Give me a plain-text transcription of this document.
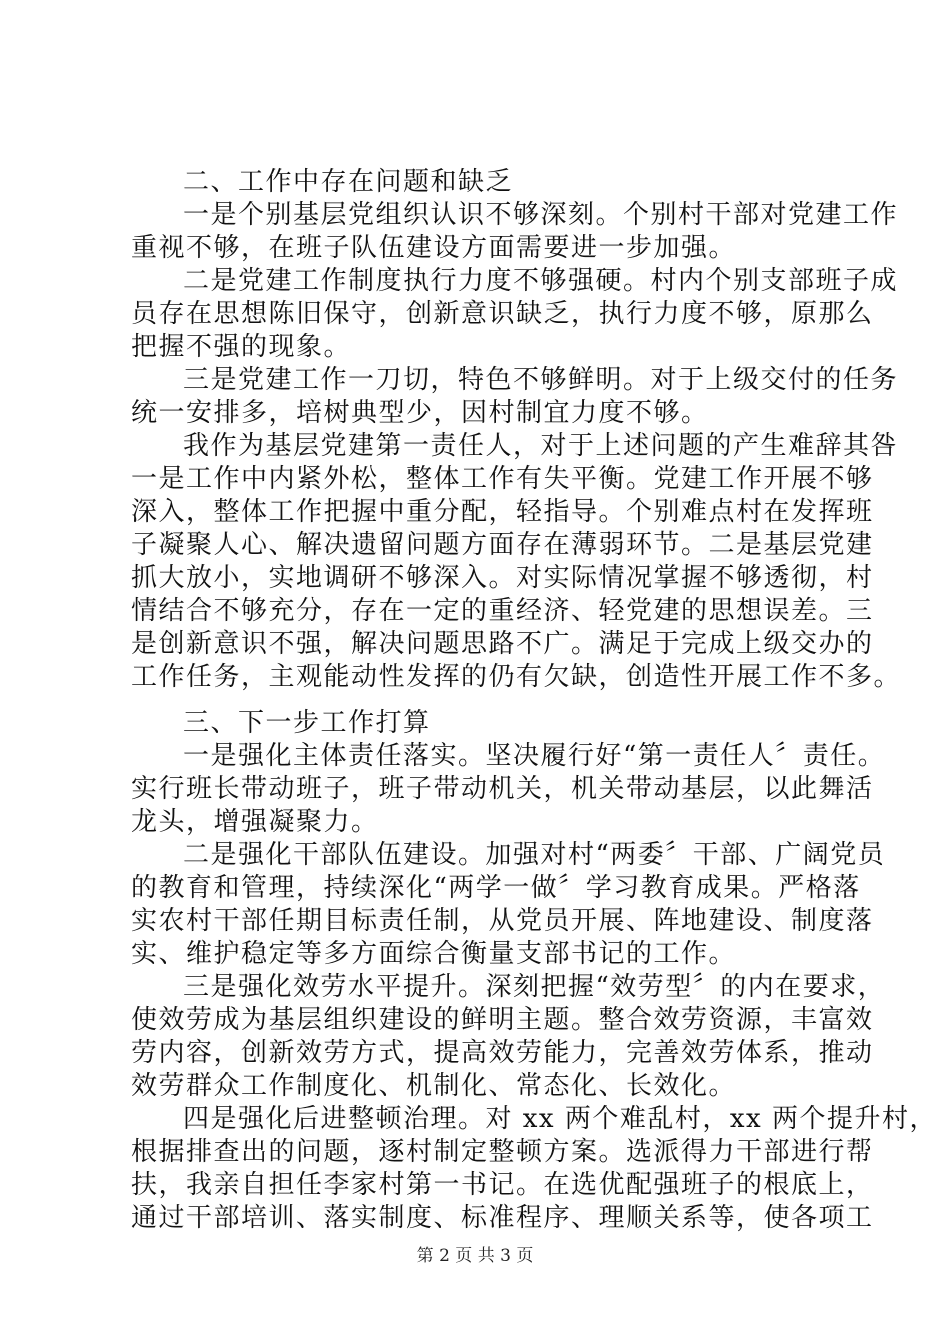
二、工作中存在问题和缺乏
一是个别基层党组织认识不够深刻。个别村干部对党建工作
重视不够，在班子队伍建设方面需要进一步加强。
二是党建工作制度执行力度不够强硬。村内个别支部班子成
员存在思想陈旧保守，创新意识缺乏，执行力度不够，原那么
把握不强的现象。
三是党建工作一刀切，特色不够鲜明。对于上级交付的任务
统一安排多，培树典型少，因村制宜力度不够。
我作为基层党建第一责任人，对于上述问题的产生难辞其咎
一是工作中内紧外松，整体工作有失平衡。党建工作开展不够
深入，整体工作把握中重分配，轻指导。个别难点村在发挥班
子凝聚人心、解决遗留问题方面存在薄弱环节。二是基层党建
抓大放小，实地调研不够深入。对实际情况掌握不够透彻，村
情结合不够充分，存在一定的重经济、轻党建的思想误差。三
是创新意识不强，解决问题思路不广。满足于完成上级交办的
工作任务，主观能动性发挥的仍有欠缺，创造性开展工作不多。
三、下一步工作打算
一是强化主体责任落实。坚决履行好“第一责任人〞责任。
实行班长带动班子，班子带动机关，机关带动基层，以此舞活
龙头，增强凝聚力。
二是强化干部队伍建设。加强对村“两委〞干部、广阔党员
的教育和管理，持续深化“两学一做〞学习教育成果。严格落
实农村干部任期目标责任制，从党员开展、阵地建设、制度落
实、维护稳定等多方面综合衡量支部书记的工作。
三是强化效劳水平提升。深刻把握“效劳型〞的内在要求，
使效劳成为基层组织建设的鲜明主题。整合效劳资源，丰富效
劳内容，创新效劳方式，提高效劳能力，完善效劳体系，推动
效劳群众工作制度化、机制化、常态化、长效化。
四是强化后进整顿治理。对 xx 两个难乱村，xx 两个提升村，
根据排查出的问题，逐村制定整顿方案。选派得力干部进行帮
扶，我亲自担任李家村第一书记。在选优配强班子的根底上，
通过干部培训、落实制度、标准程序、理顺关系等，使各项工
第 2 页 共 3 页
